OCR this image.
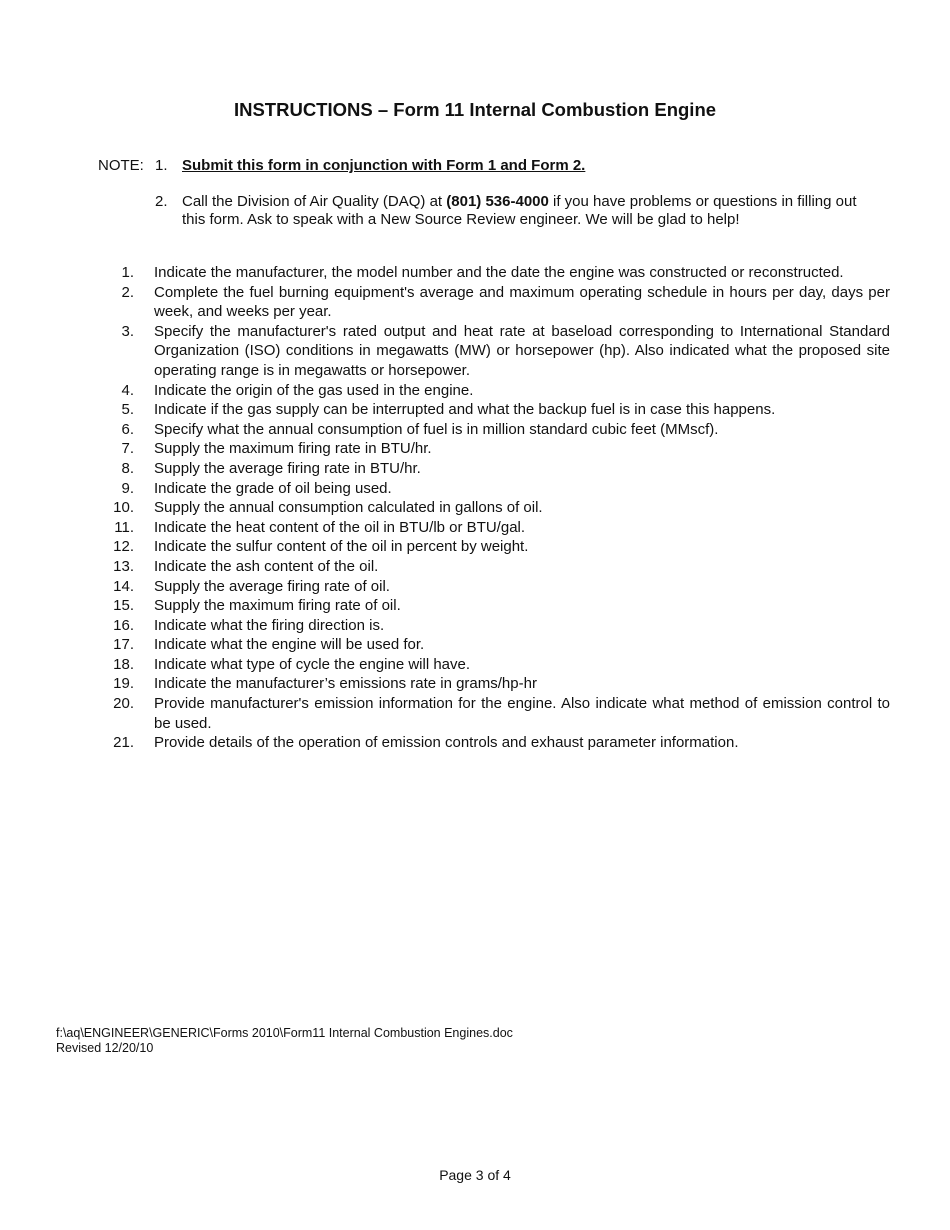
INSTRUCTIONS – Form 11 Internal Combustion Engine
NOTE: 1. Submit this form in conjunction with Form 1 and Form 2.
2. Call the Division of Air Quality (DAQ) at (801) 536-4000 if you have problems or questions in filling out this form. Ask to speak with a New Source Review engineer. We will be glad to help!
1. Indicate the manufacturer, the model number and the date the engine was constructed or reconstructed.
2. Complete the fuel burning equipment's average and maximum operating schedule in hours per day, days per week, and weeks per year.
3. Specify the manufacturer's rated output and heat rate at baseload corresponding to International Standard Organization (ISO) conditions in megawatts (MW) or horsepower (hp). Also indicated what the proposed site operating range is in megawatts or horsepower.
4. Indicate the origin of the gas used in the engine.
5. Indicate if the gas supply can be interrupted and what the backup fuel is in case this happens.
6. Specify what the annual consumption of fuel is in million standard cubic feet (MMscf).
7. Supply the maximum firing rate in BTU/hr.
8. Supply the average firing rate in BTU/hr.
9. Indicate the grade of oil being used.
10. Supply the annual consumption calculated in gallons of oil.
11. Indicate the heat content of the oil in BTU/lb or BTU/gal.
12. Indicate the sulfur content of the oil in percent by weight.
13. Indicate the ash content of the oil.
14. Supply the average firing rate of oil.
15. Supply the maximum firing rate of oil.
16. Indicate what the firing direction is.
17. Indicate what the engine will be used for.
18. Indicate what type of cycle the engine will have.
19. Indicate the manufacturer’s emissions rate in grams/hp-hr
20. Provide manufacturer's emission information for the engine. Also indicate what method of emission control to be used.
21. Provide details of the operation of emission controls and exhaust parameter information.
f:\aq\ENGINEER\GENERIC\Forms 2010\Form11 Internal Combustion Engines.doc
Revised 12/20/10
Page 3 of 4
